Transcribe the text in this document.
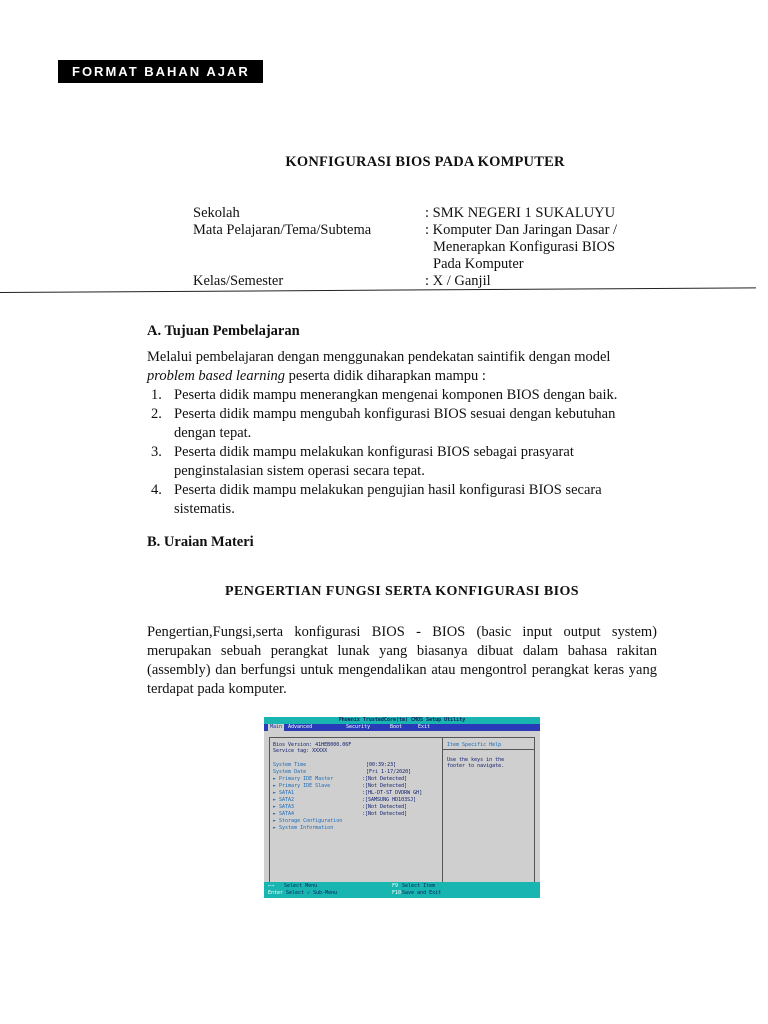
FORMAT BAHAN AJAR
KONFIGURASI BIOS PADA KOMPUTER
Sekolah	: SMK NEGERI 1 SUKALUYU
Mata Pelajaran/Tema/Subtema	: Komputer Dan Jaringan Dasar /
Menerapkan Konfigurasi BIOS
Pada Komputer
Kelas/Semester	: X / Ganjil
A. Tujuan Pembelajaran
Melalui pembelajaran dengan menggunakan pendekatan saintifik dengan model
problem based learning peserta didik diharapkan mampu :
1. Peserta didik mampu menerangkan mengenai komponen BIOS dengan baik.
2. Peserta didik mampu mengubah konfigurasi BIOS sesuai dengan kebutuhan dengan tepat.
3. Peserta didik mampu melakukan konfigurasi BIOS sebagai prasyarat penginstalasian sistem operasi secara tepat.
4. Peserta didik mampu melakukan pengujian hasil konfigurasi BIOS secara sistematis.
B. Uraian Materi
PENGERTIAN FUNGSI SERTA KONFIGURASI BIOS
Pengertian,Fungsi,serta konfigurasi BIOS - BIOS (basic input output system) merupakan sebuah perangkat lunak yang biasanya dibuat dalam bahasa rakitan (assembly) dan berfungsi untuk mengendalikan atau mengontrol perangkat keras yang terdapat pada komputer.
Phoenix TrustedCore(tm) CMOS Setup Utility
Main	Advanced	Security	Boot	Exit
Bios Version: 41HEB000.06F
Service tag: XXXXX
System Time	[00:39:23]
System Date	[Fri 1-17/2020]
► Primary IDE Master	:[Not Detected]
► Primary IDE Slave	:[Not Detected]
► SATA1	:[HL-DT-ST DVDRW GH]
► SATA2	:[SAMSUNG HD103SJ]
► SATA3	:[Not Detected]
► SATA4	:[Not Detected]
► Storage Configuration
► System Information
Item Specific Help
Use the keys in the
footer to navigate.
←→ Select Menu
Enter Select ✓ Sub-Menu
F9 Select Item
F10 Save and Exit
